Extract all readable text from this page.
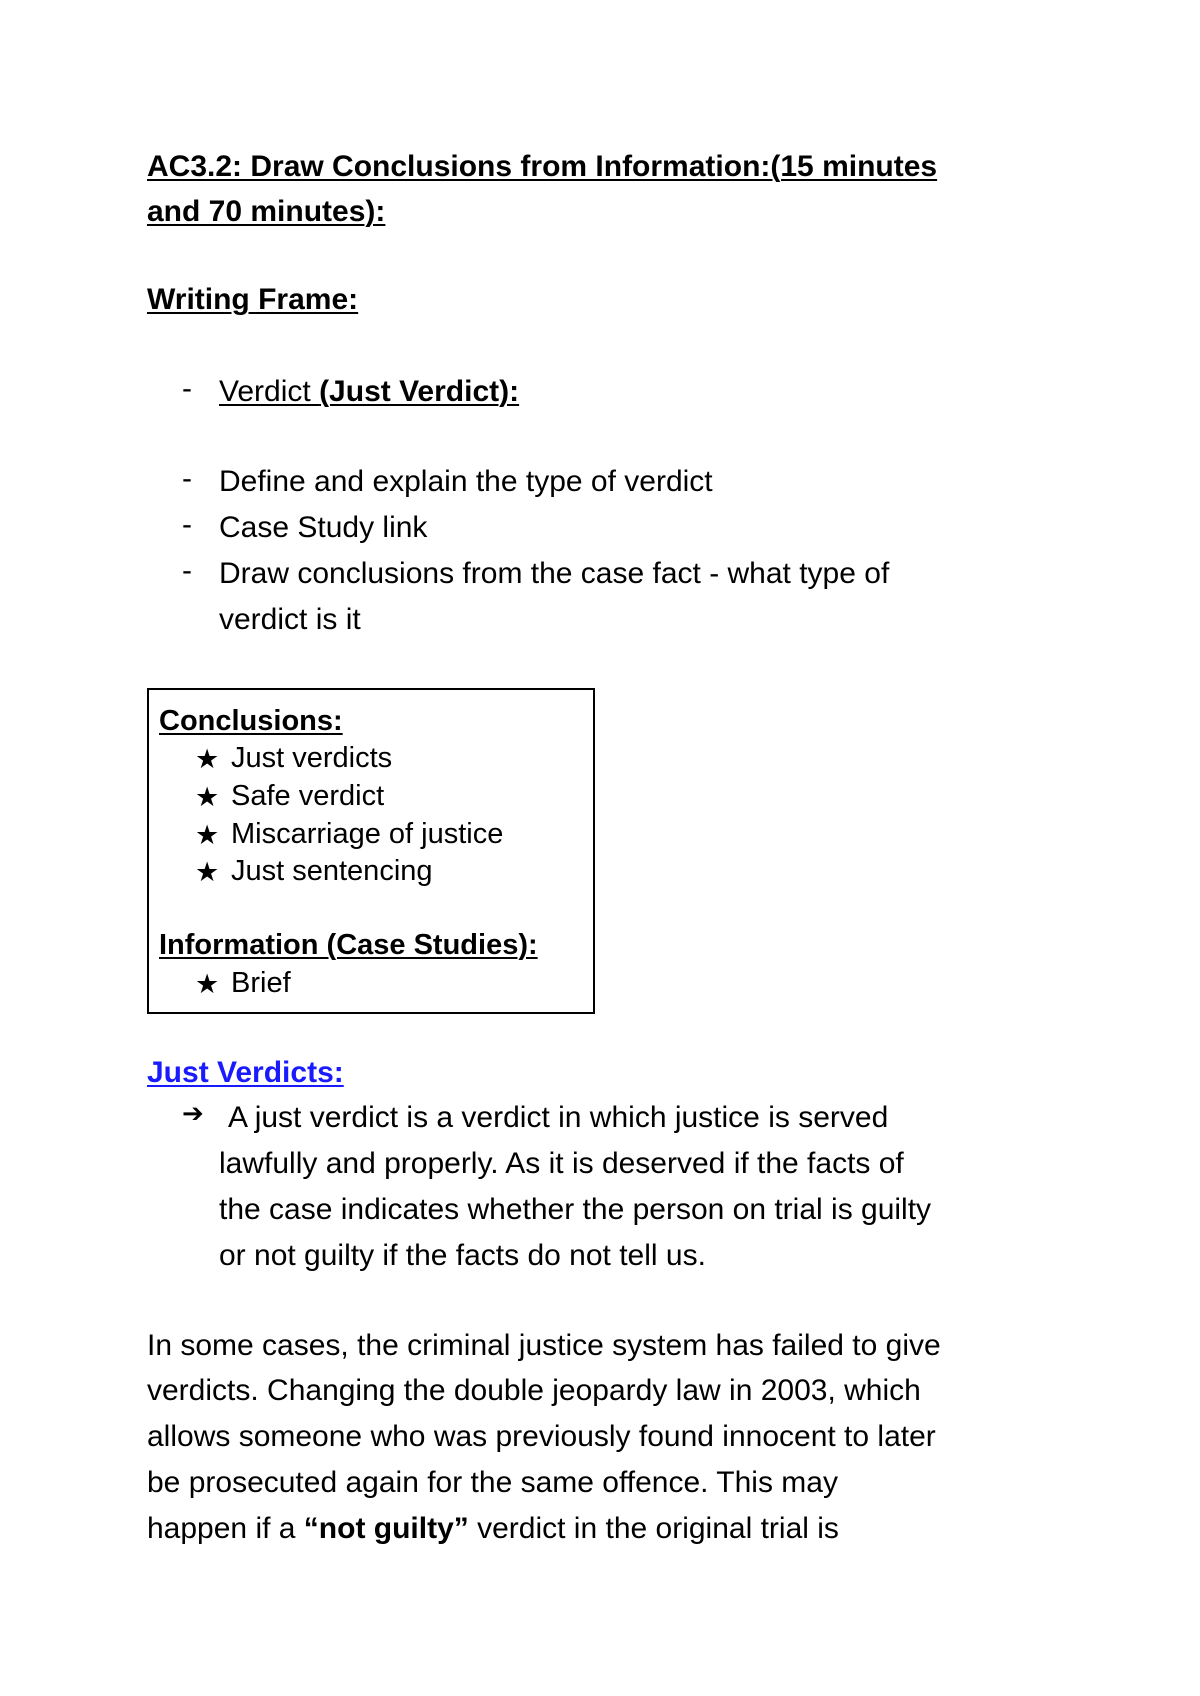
AC3.2: Draw Conclusions from Information:(15 minutes
and 70 minutes):
Writing Frame:
- Verdict (Just Verdict):
- Define and explain the type of verdict
- Case Study link
- Draw conclusions from the case fact - what type of
verdict is it
Conclusions:
★ Just verdicts
★ Safe verdict
★ Miscarriage of justice
★ Just sentencing
Information (Case Studies):
★ Brief
Just Verdicts:
➔ A just verdict is a verdict in which justice is served
lawfully and properly. As it is deserved if the facts of
the case indicates whether the person on trial is guilty
or not guilty if the facts do not tell us.
In some cases, the criminal justice system has failed to give
verdicts. Changing the double jeopardy law in 2003, which
allows someone who was previously found innocent to later
be prosecuted again for the same offence. This may
happen if a “not guilty” verdict in the original trial is
